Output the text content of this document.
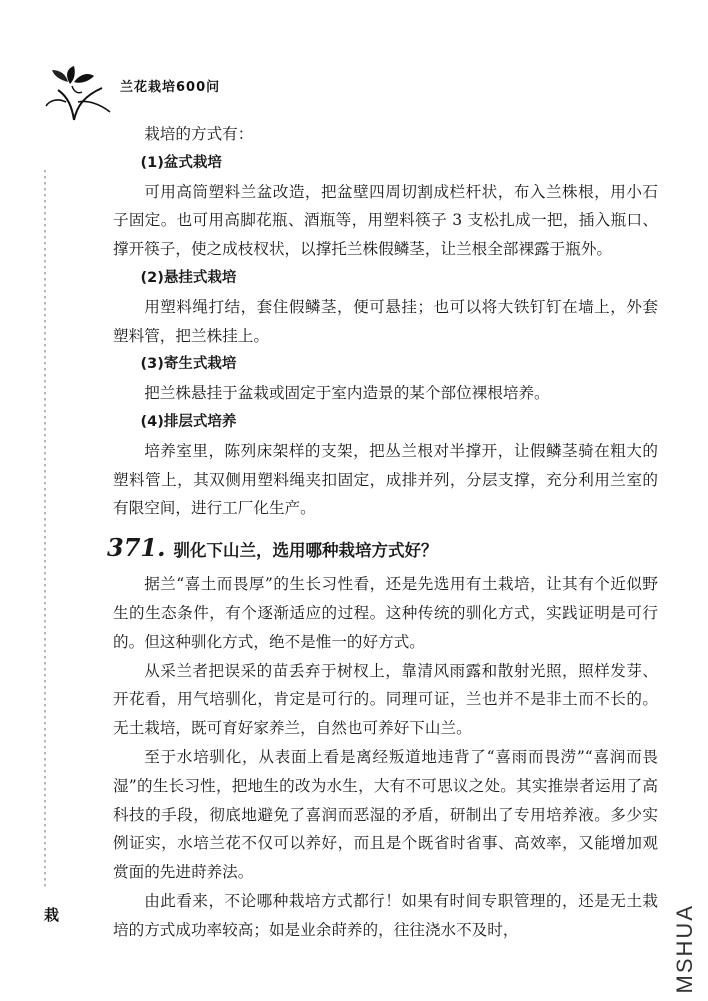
兰花栽培600问
栽	MSHUA

栽培的方式有：

(1)盆式栽培

可用高筒塑料兰盆改造，把盆壁四周切割成栏杆状，布入兰株根，用小石子固定。也可用高脚花瓶、酒瓶等，用塑料筷子 3 支松扎成一把，插入瓶口、撑开筷子，使之成枝杈状，以撑托兰株假鳞茎，让兰根全部裸露于瓶外。

(2)悬挂式栽培

用塑料绳打结，套住假鳞茎，便可悬挂；也可以将大铁钉钉在墙上，外套塑料管，把兰株挂上。

(3)寄生式栽培

把兰株悬挂于盆栽或固定于室内造景的某个部位裸根培养。

(4)排层式培养

培养室里，陈列床架样的支架，把丛兰根对半撑开，让假鳞茎骑在粗大的塑料管上，其双侧用塑料绳夹扣固定，成排并列，分层支撑，充分利用兰室的有限空间，进行工厂化生产。

371. 驯化下山兰，选用哪种栽培方式好？

据兰“喜土而畏厚”的生长习性看，还是先选用有土栽培，让其有个近似野生的生态条件，有个逐渐适应的过程。这种传统的驯化方式，实践证明是可行的。但这种驯化方式，绝不是惟一的好方式。

从采兰者把误采的苗丢弃于树杈上，靠清风雨露和散射光照，照样发芽、开花看，用气培驯化，肯定是可行的。同理可证，兰也并不是非土而不长的。无土栽培，既可育好家养兰，自然也可养好下山兰。

至于水培驯化，从表面上看是离经叛道地违背了“喜雨而畏涝”“喜润而畏湿”的生长习性，把地生的改为水生，大有不可思议之处。其实推崇者运用了高科技的手段，彻底地避免了喜润而恶湿的矛盾，研制出了专用培养液。多少实例证实，水培兰花不仅可以养好，而且是个既省时省事、高效率，又能增加观赏面的先进莳养法。

由此看来，不论哪种栽培方式都行！如果有时间专职管理的，还是无土栽培的方式成功率较高；如是业余莳养的，往往浇水不及时，
